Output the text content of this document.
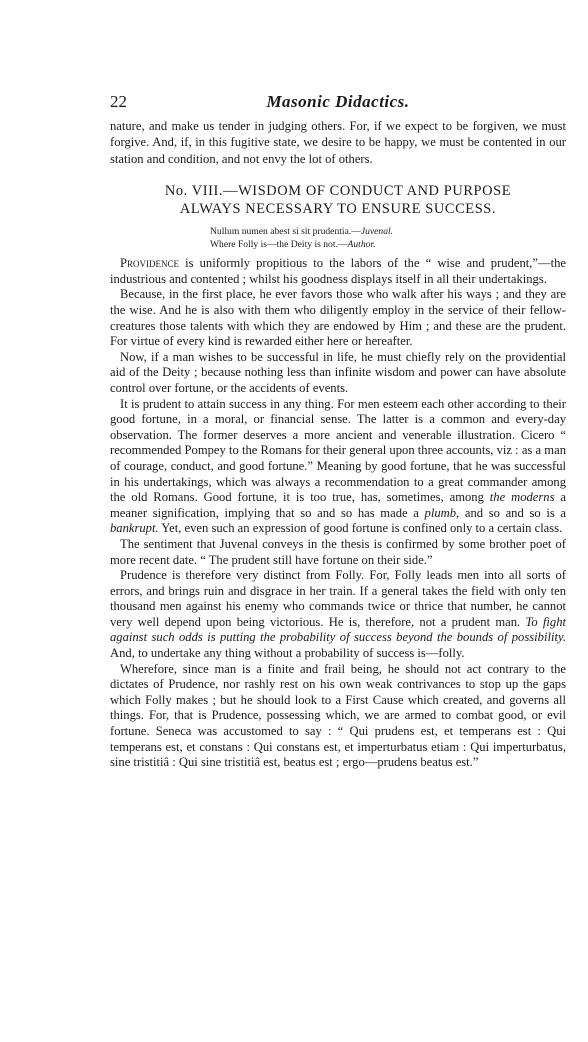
22	Masonic Didactics.

nature, and make us tender in judging others. For, if we expect to be forgiven, we must forgive. And, if, in this fugitive state, we desire to be happy, we must be contented in our station and condition, and not envy the lot of others.

No. VIII.—WISDOM OF CONDUCT AND PURPOSE
ALWAYS NECESSARY TO ENSURE SUCCESS.
Nullum numen abest si sit prudentia.—Juvenal.
Where Folly is—the Deity is not.—Author.

Providence is uniformly propitious to the labors of the “ wise and prudent,”—the industrious and contented ; whilst his goodness displays itself in all their undertakings.

Because, in the first place, he ever favors those who walk after his ways ; and they are the wise. And he is also with them who diligently employ in the service of their fellow-creatures those talents with which they are endowed by Him ; and these are the prudent. For virtue of every kind is rewarded either here or hereafter.

Now, if a man wishes to be successful in life, he must chiefly rely on the providential aid of the Deity ; because nothing less than infinite wisdom and power can have absolute control over fortune, or the accidents of events.

It is prudent to attain success in any thing. For men esteem each other according to their good fortune, in a moral, or financial sense. The latter is a common and every-day observation. The former deserves a more ancient and venerable illustration. Cicero “ recommended Pompey to the Romans for their general upon three accounts, viz : as a man of courage, conduct, and good fortune.” Meaning by good fortune, that he was successful in his undertakings, which was always a recommendation to a great commander among the old Romans. Good fortune, it is too true, has, sometimes, among the moderns a meaner signification, implying that so and so has made a plumb, and so and so is a bankrupt. Yet, even such an expression of good fortune is confined only to a certain class.

The sentiment that Juvenal conveys in the thesis is confirmed by some brother poet of more recent date. “ The prudent still have fortune on their side.”

Prudence is therefore very distinct from Folly. For, Folly leads men into all sorts of errors, and brings ruin and disgrace in her train. If a general takes the field with only ten thousand men against his enemy who commands twice or thrice that number, he cannot very well depend upon being victorious. He is, therefore, not a prudent man. To fight against such odds is putting the probability of success beyond the bounds of possibility. And, to undertake any thing without a probability of success is—folly.

Wherefore, since man is a finite and frail being, he should not act contrary to the dictates of Prudence, nor rashly rest on his own weak contrivances to stop up the gaps which Folly makes ; but he should look to a First Cause which created, and governs all things. For, that is Prudence, possessing which, we are armed to combat good, or evil fortune. Seneca was accustomed to say : “ Qui prudens est, et temperans est : Qui temperans est, et constans : Qui constans est, et imperturbatus etiam : Qui imperturbatus, sine tristitiâ : Qui sine tristitiâ est, beatus est ; ergo—prudens beatus est.”
